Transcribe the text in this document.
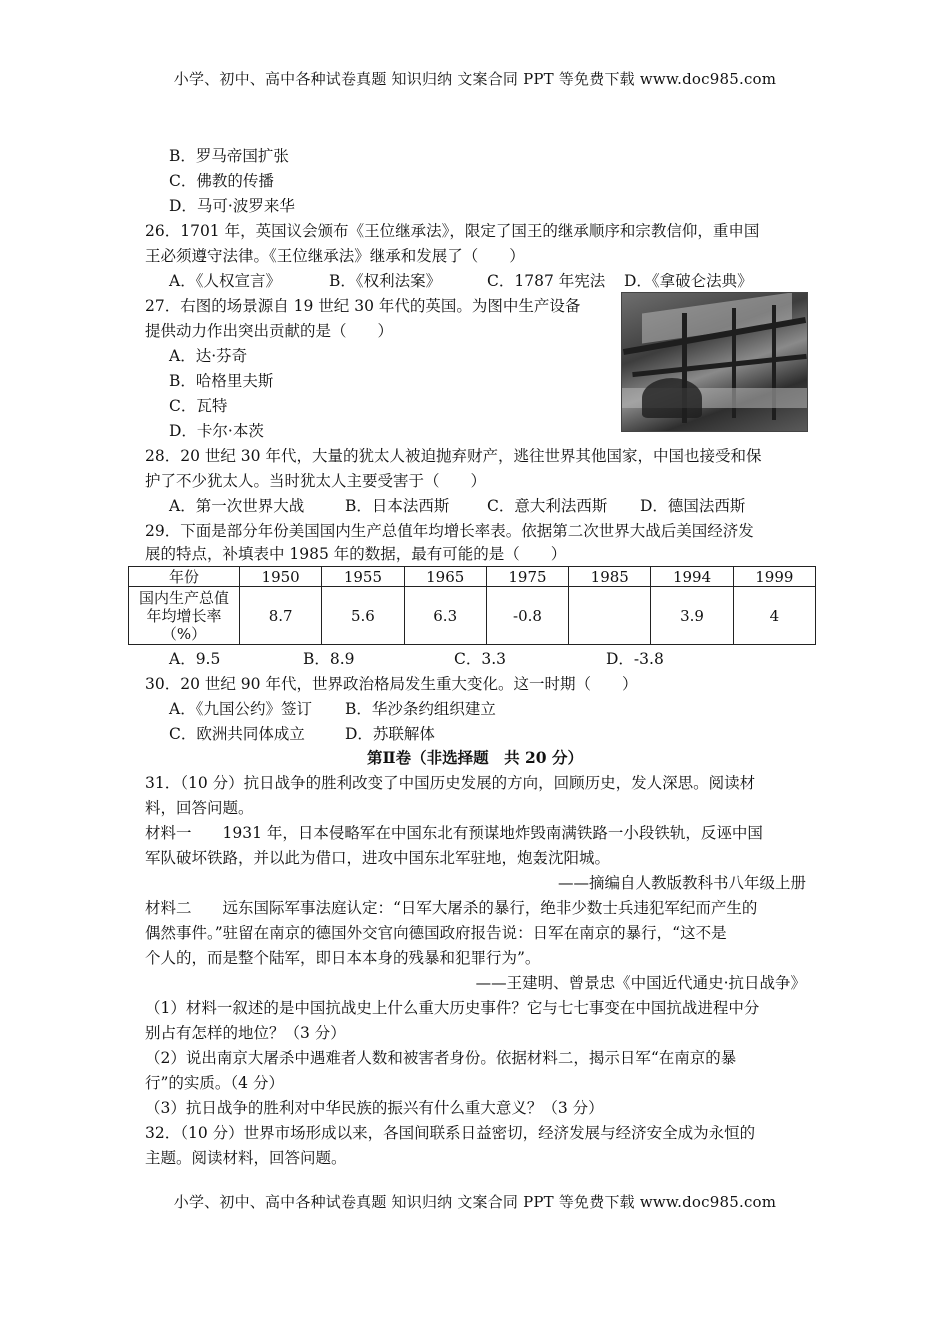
小学、初中、高中各种试卷真题 知识归纳 文案合同 PPT 等免费下载 www.doc985.com
B．罗马帝国扩张
C．佛教的传播
D．马可·波罗来华
26．1701 年，英国议会颁布《王位继承法》，限定了国王的继承顺序和宗教信仰，重申国
王必须遵守法律。《王位继承法》继承和发展了（　　）
A．《人权宣言》	B．《权利法案》	C．1787 年宪法 D．《拿破仑法典》
27．右图的场景源自 19 世纪 30 年代的英国。为图中生产设备
提供动力作出突出贡献的是（　　）
A．达·芬奇
B．哈格里夫斯
C．瓦特
D．卡尔·本茨
28．20 世纪 30 年代，大量的犹太人被迫抛弃财产，逃往世界其他国家，中国也接受和保
护了不少犹太人。当时犹太人主要受害于（　　）
A．第一次世界大战	B．日本法西斯 C．意大利法西斯 D．德国法西斯
29．下面是部分年份美国国内生产总值年均增长率表。依据第二次世界大战后美国经济发
展的特点，补填表中 1985 年的数据，最有可能的是（　　）
年份	1950	1955	1965	1975	1985	1994	1999

国内生产总值
年均增长率
（%）	8.7	5.6	6.3	-0.8		3.9	4
A．9.5	B．8.9	C．3.3	D．-3.8
30．20 世纪 90 年代，世界政治格局发生重大变化。这一时期（　　）
A．《九国公约》签订 B．华沙条约组织建立
C．欧洲共同体成立	D．苏联解体
第Ⅱ卷（非选择题　共 20 分）
31．（10 分）抗日战争的胜利改变了中国历史发展的方向，回顾历史，发人深思。阅读材
料，回答问题。
材料一　　1931 年，日本侵略军在中国东北有预谋地炸毁南满铁路一小段铁轨，反诬中国
军队破坏铁路，并以此为借口，进攻中国东北军驻地，炮轰沈阳城。
——摘编自人教版教科书八年级上册
材料二　　远东国际军事法庭认定：“日军大屠杀的暴行，绝非少数士兵违犯军纪而产生的
偶然事件。”驻留在南京的德国外交官向德国政府报告说：日军在南京的暴行，“这不是
个人的，而是整个陆军，即日本本身的残暴和犯罪行为”。
——王建明、曾景忠《中国近代通史·抗日战争》
（1）材料一叙述的是中国抗战史上什么重大历史事件？它与七七事变在中国抗战进程中分
别占有怎样的地位？（3 分）
（2）说出南京大屠杀中遇难者人数和被害者身份。依据材料二，揭示日军“在南京的暴
行”的实质。（4 分）
（3）抗日战争的胜利对中华民族的振兴有什么重大意义？（3 分）
32．（10 分）世界市场形成以来，各国间联系日益密切，经济发展与经济安全成为永恒的
主题。阅读材料，回答问题。
小学、初中、高中各种试卷真题 知识归纳 文案合同 PPT 等免费下载 www.doc985.com
